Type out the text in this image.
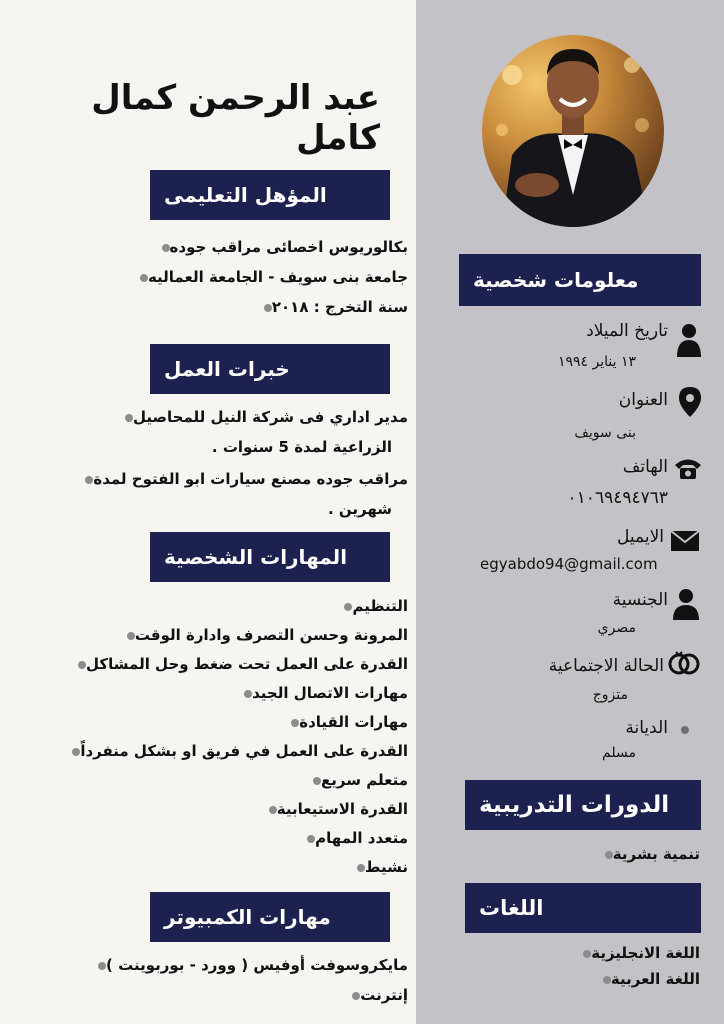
عبد الرحمن كمال كامل
المؤهل التعليمى
بكالوريوس اخصائى مراقب جوده
جامعة بنى سويف - الجامعة العماليه
سنة التخرج : ٢٠١٨
خبرات العمل
مدير اداري فى شركة النيل للمحاصيل
الزراعية لمدة 5 سنوات .
مراقب جوده مصنع سيارات ابو الفتوح لمدة
شهرين .
المهارات الشخصية
التنظيم
المرونة وحسن التصرف وادارة الوقت
القدرة على العمل تحت ضغط وحل المشاكل
مهارات الاتصال الجيد
مهارات القيادة
القدرة على العمل في فريق او بشكل منفرداً
متعلم سريع
القدرة الاستيعابية
متعدد المهام
نشيط
مهارات الكمبيوتر
مايكروسوفت أوفيس ( وورد - بوربوينت )
إنترنت
معلومات شخصية
تاريخ الميلاد
١٣ يناير ١٩٩٤
العنوان
بنى سويف
الهاتف
٠١٠٦٩٤٩٤٧٦٣
الايميل
egyabdo94@gmail.com
الجنسية
مصري
الحالة الاجتماعية
متزوج
الديانة
مسلم
الدورات التدريبية
تنمية بشرية
اللغات
اللغة الانجليزية
اللغة العربية
